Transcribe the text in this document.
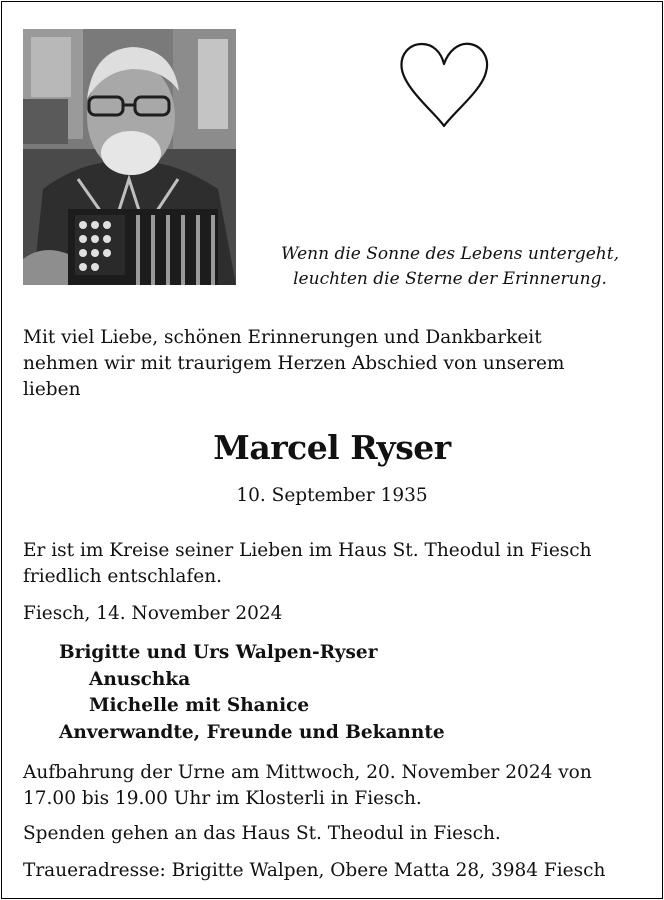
Wenn die Sonne des Lebens untergeht,
leuchten die Sterne der Erinnerung.
Mit viel Liebe, schönen Erinnerungen und Dankbarkeit
nehmen wir mit traurigem Herzen Abschied von unserem
lieben
Marcel Ryser
10. September 1935
Er ist im Kreise seiner Lieben im Haus St. Theodul in Fiesch
friedlich entschlafen.
Fiesch, 14. November 2024
Brigitte und Urs Walpen-Ryser
Anuschka
Michelle mit Shanice
Anverwandte, Freunde und Bekannte
Aufbahrung der Urne am Mittwoch, 20. November 2024 von
17.00 bis 19.00 Uhr im Klosterli in Fiesch.
Spenden gehen an das Haus St. Theodul in Fiesch.
Traueradresse: Brigitte Walpen, Obere Matta 28, 3984 Fiesch
